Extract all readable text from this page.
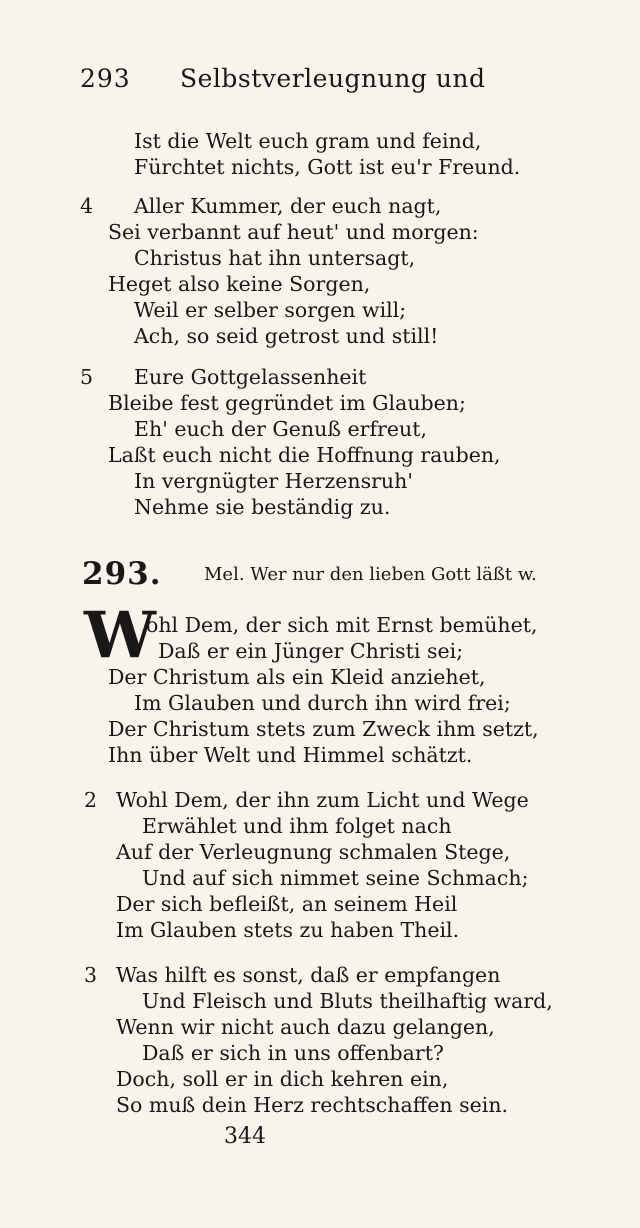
293 Selbstverleugnung und
Ist die Welt euch gram und feind,
Fürchtet nichts, Gott ist eu'r Freund.
4 Aller Kummer, der euch nagt,
Sei verbannt auf heut' und morgen:
Christus hat ihn untersagt,
Heget also keine Sorgen,
Weil er selber sorgen will;
Ach, so seid getrost und still!
5 Eure Gottgelassenheit
Bleibe fest gegründet im Glauben;
Eh' euch der Genuß erfreut,
Laßt euch nicht die Hoffnung rauben,
In vergnügter Herzensruh'
Nehme sie beständig zu.
293. Mel. Wer nur den lieben Gott läßt w.
W
ohl Dem, der sich mit Ernst bemühet,
Daß er ein Jünger Christi sei;
Der Christum als ein Kleid anziehet,
Im Glauben und durch ihn wird frei;
Der Christum stets zum Zweck ihm setzt,
Ihn über Welt und Himmel schätzt.
2 Wohl Dem, der ihn zum Licht und Wege
Erwählet und ihm folget nach
Auf der Verleugnung schmalen Stege,
Und auf sich nimmet seine Schmach;
Der sich befleißt, an seinem Heil
Im Glauben stets zu haben Theil.
3 Was hilft es sonst, daß er empfangen
Und Fleisch und Bluts theilhaftig ward,
Wenn wir nicht auch dazu gelangen,
Daß er sich in uns offenbart?
Doch, soll er in dich kehren ein,
So muß dein Herz rechtschaffen sein.
344
